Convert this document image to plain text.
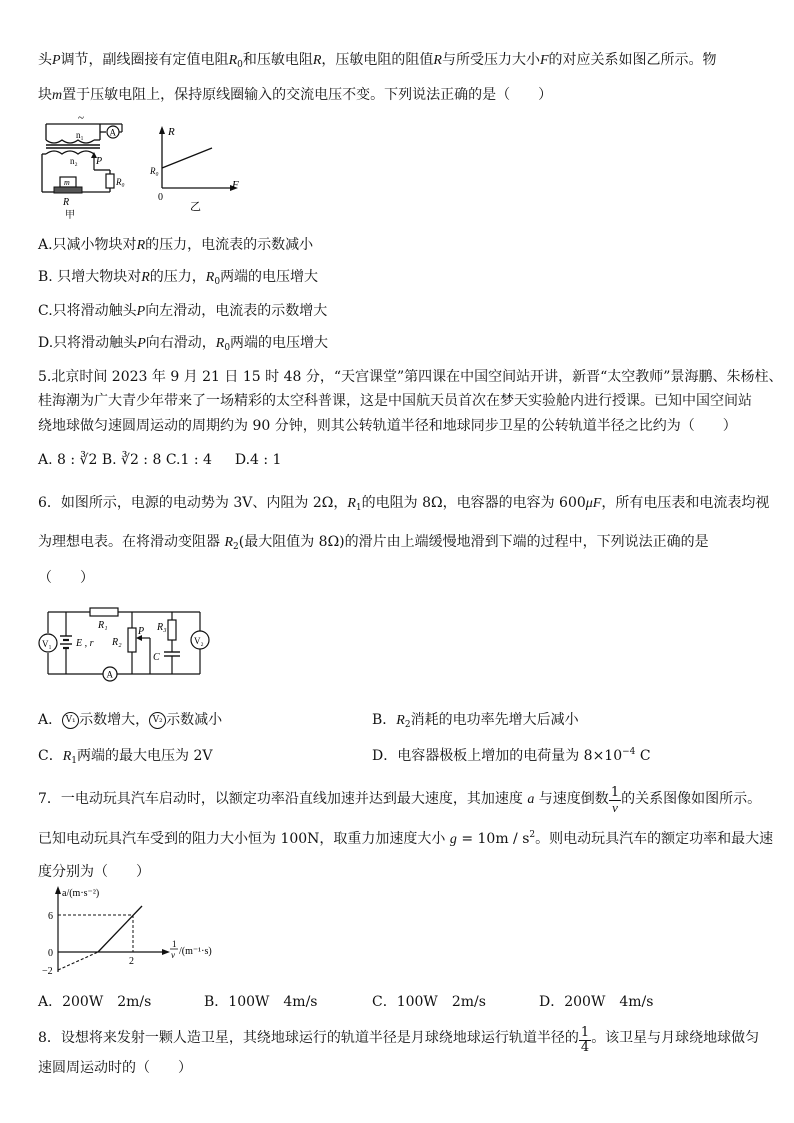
头P调节，副线圈接有定值电阻$R_0$和压敏电阻R，压敏电阻的阻值R与所受压力大小F的对应关系如图乙所示。物
块m置于压敏电阻上，保持原线圈输入的交流电压不变。下列说法正确的是（　　）
~
A
n₁
n₂ P
R₀
m
R
甲
R
R₀
0
F
乙
A.只减小物块对R的压力，电流表的示数减小
B. 只增大物块对R的压力，$R_0$两端的电压增大
C.只将滑动触头P向左滑动，电流表的示数增大
D.只将滑动触头P向右滑动，$R_0$两端的电压增大
5.北京时间 2023 年 9 月 21 日 15 时 48 分，“天宫课堂”第四课在中国空间站开讲，新晋“太空教师”景海鹏、朱杨柱、
桂海潮为广大青少年带来了一场精彩的太空科普课，这是中国航天员首次在梦天实验舱内进行授课。已知中国空间站
绕地球做匀速圆周运动的周期约为 90 分钟，则其公转轨道半径和地球同步卫星的公转轨道半径之比约为（　　）
A. 8 : ∛2 B. ∛2 : 8 C.1 : 4 D.4 : 1
6．如图所示，电源的电动势为 3V、内阻为 2Ω，$R_1$的电阻为 8Ω，电容器的电容为 600μF，所有电压表和电流表均视
为理想电表。在将滑动变阻器 $R_2$(最大阻值为 8Ω)的滑片由上端缓慢地滑到下端的过程中，下列说法正确的是
（　　）
V₁ E , r
R₁
R₂
P R₃
C
V₂
A
A． V₁ 示数增大， V₂ 示数减小	B．$R_2$消耗的电功率先增大后减小
C．$R_1$两端的最大电压为 2V	D．电容器极板上增加的电荷量为 $8\times 10^{-4}$ C
7．一电动玩具汽车启动时，以额定功率沿直线加速并达到最大速度，其加速度 a 与速度倒数 $\frac{1}{v}$ 的关系图像如图所示。
已知电动玩具汽车受到的阻力大小恒为 100N，取重力加速度大小 $g = 10m / s^2$。则电动玩具汽车的额定功率和最大速
度分别为（　　）
a/(m·s⁻²)
6
0
−2
2
1
v /(m⁻¹·s)
A．200W　2m/s	B．100W　4m/s	C．100W　2m/s	D．200W　4m/s
8．设想将来发射一颗人造卫星，其绕地球运行的轨道半径是月球绕地球运行轨道半径的 $\frac{1}{4}$ 。该卫星与月球绕地球做匀
速圆周运动时的（　　）
